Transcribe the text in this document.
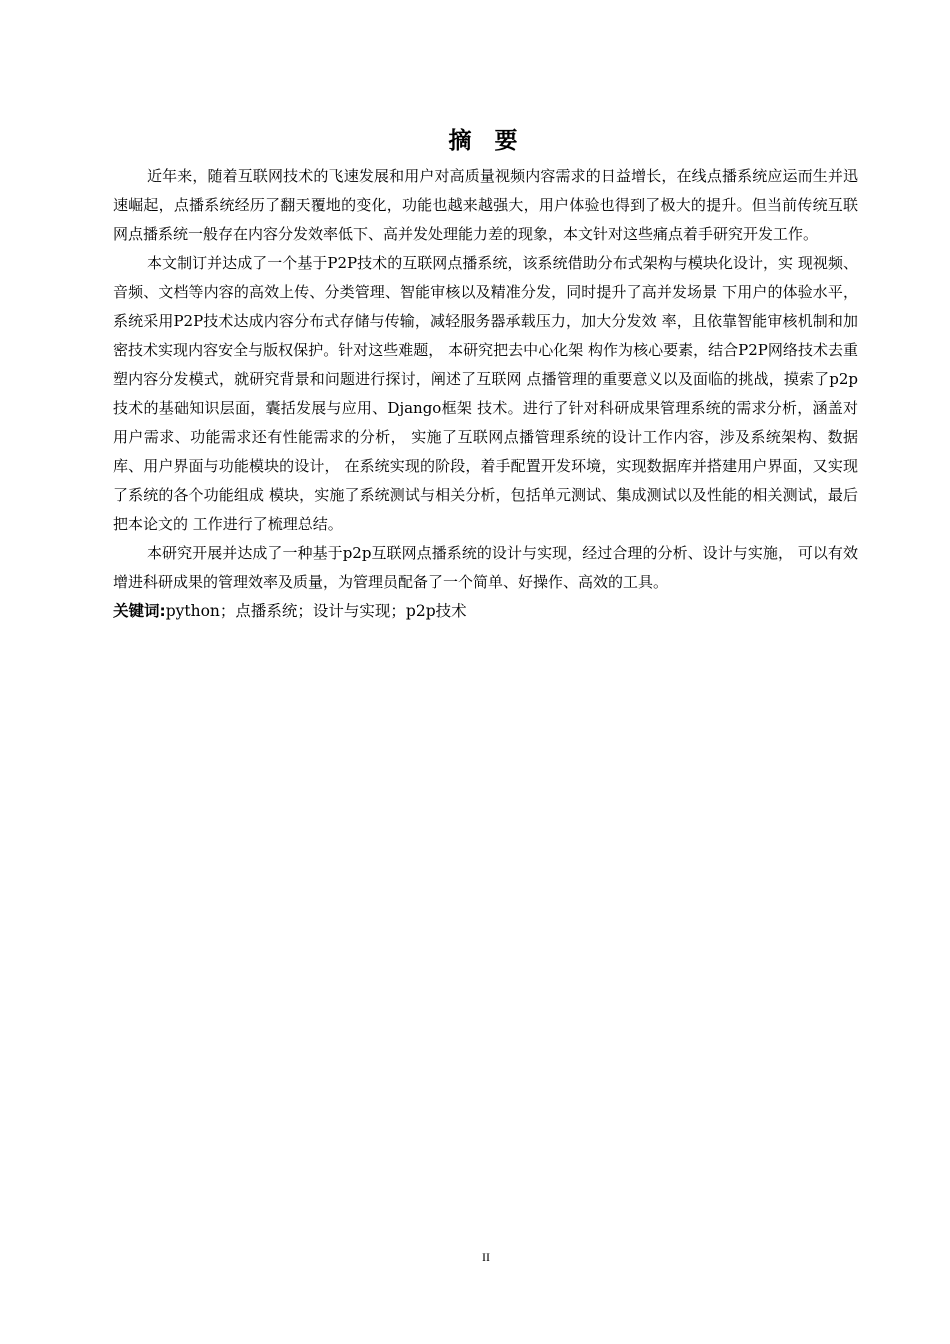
摘　要

近年来，随着互联网技术的飞速发展和用户对高质量视频内容需求的日益增长，在线点播系统应运而生并迅速崛起，点播系统经历了翻天覆地的变化，功能也越来越强大，用户体验也得到了极大的提升。但当前传统互联网点播系统一般存在内容分发效率低下、高并发处理能力差的现象，本文针对这些痛点着手研究开发工作。

本文制订并达成了一个基于P2P技术的互联网点播系统，该系统借助分布式架构与模块化设计，实 现视频、音频、文档等内容的高效上传、分类管理、智能审核以及精准分发，同时提升了高并发场景 下用户的体验水平，系统采用P2P技术达成内容分布式存储与传输，减轻服务器承载压力，加大分发效 率，且依靠智能审核机制和加密技术实现内容安全与版权保护。针对这些难题， 本研究把去中心化架 构作为核心要素，结合P2P网络技术去重塑内容分发模式，就研究背景和问题进行探讨，阐述了互联网 点播管理的重要意义以及面临的挑战，摸索了p2p技术的基础知识层面，囊括发展与应用、Django框架 技术。进行了针对科研成果管理系统的需求分析，涵盖对用户需求、功能需求还有性能需求的分析， 实施了互联网点播管理系统的设计工作内容，涉及系统架构、数据库、用户界面与功能模块的设计， 在系统实现的阶段，着手配置开发环境，实现数据库并搭建用户界面，又实现了系统的各个功能组成 模块，实施了系统测试与相关分析，包括单元测试、集成测试以及性能的相关测试，最后把本论文的 工作进行了梳理总结。

本研究开展并达成了一种基于p2p互联网点播系统的设计与实现，经过合理的分析、设计与实施， 可以有效增进科研成果的管理效率及质量，为管理员配备了一个简单、好操作、高效的工具。

关键词:python；点播系统；设计与实现；p2p技术

II
